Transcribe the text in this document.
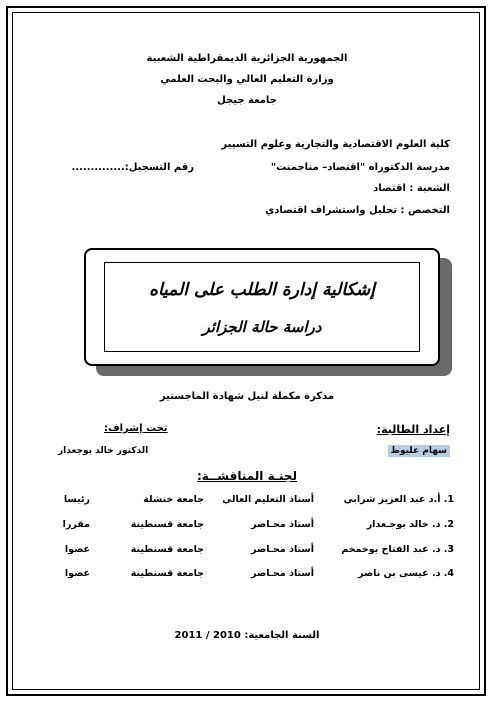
الجمهورية الجزائرية الديمقراطية الشعبية
وزارة التعليم العالي والبحث العلمي
جامعة جيجل
كلية العلوم الاقتصادية والتجارية وعلوم التسيير
مدرسة الدكتوراه "اقتصاد– مناجمنت"
رقم التسجيل:..............
الشعبة : اقتصاد
التخصص : تحليل واستشراف اقتصادي
إشكالية إدارة الطلب على المياه
دراسة حالة الجزائر
مذكرة مكملة لنيل شهادة الماجستير
إعداد الطالبة:
تحت إشراف:
سهام عليوط
الدكتور خالد بوجعدار
لجنـة المناقشــة:
1. أ.د عبد العزيز شرابي
أستاذ التعليم العالي
جامعة خنشلة
رئيسا
2. د. خالد بوجـعدار
أستاذ محـاضر
جامعة قسنطينة
مقررا
3. د. عبد الفتاح بوخمخم
أستاذ محـاضر
جامعة قسنطينة
عضوا
4. د. عيسى بن ناصر
أستاذ محـاضر
جامعة قسنطينة
عضوا
السنة الجامعية: 2010 / 2011
